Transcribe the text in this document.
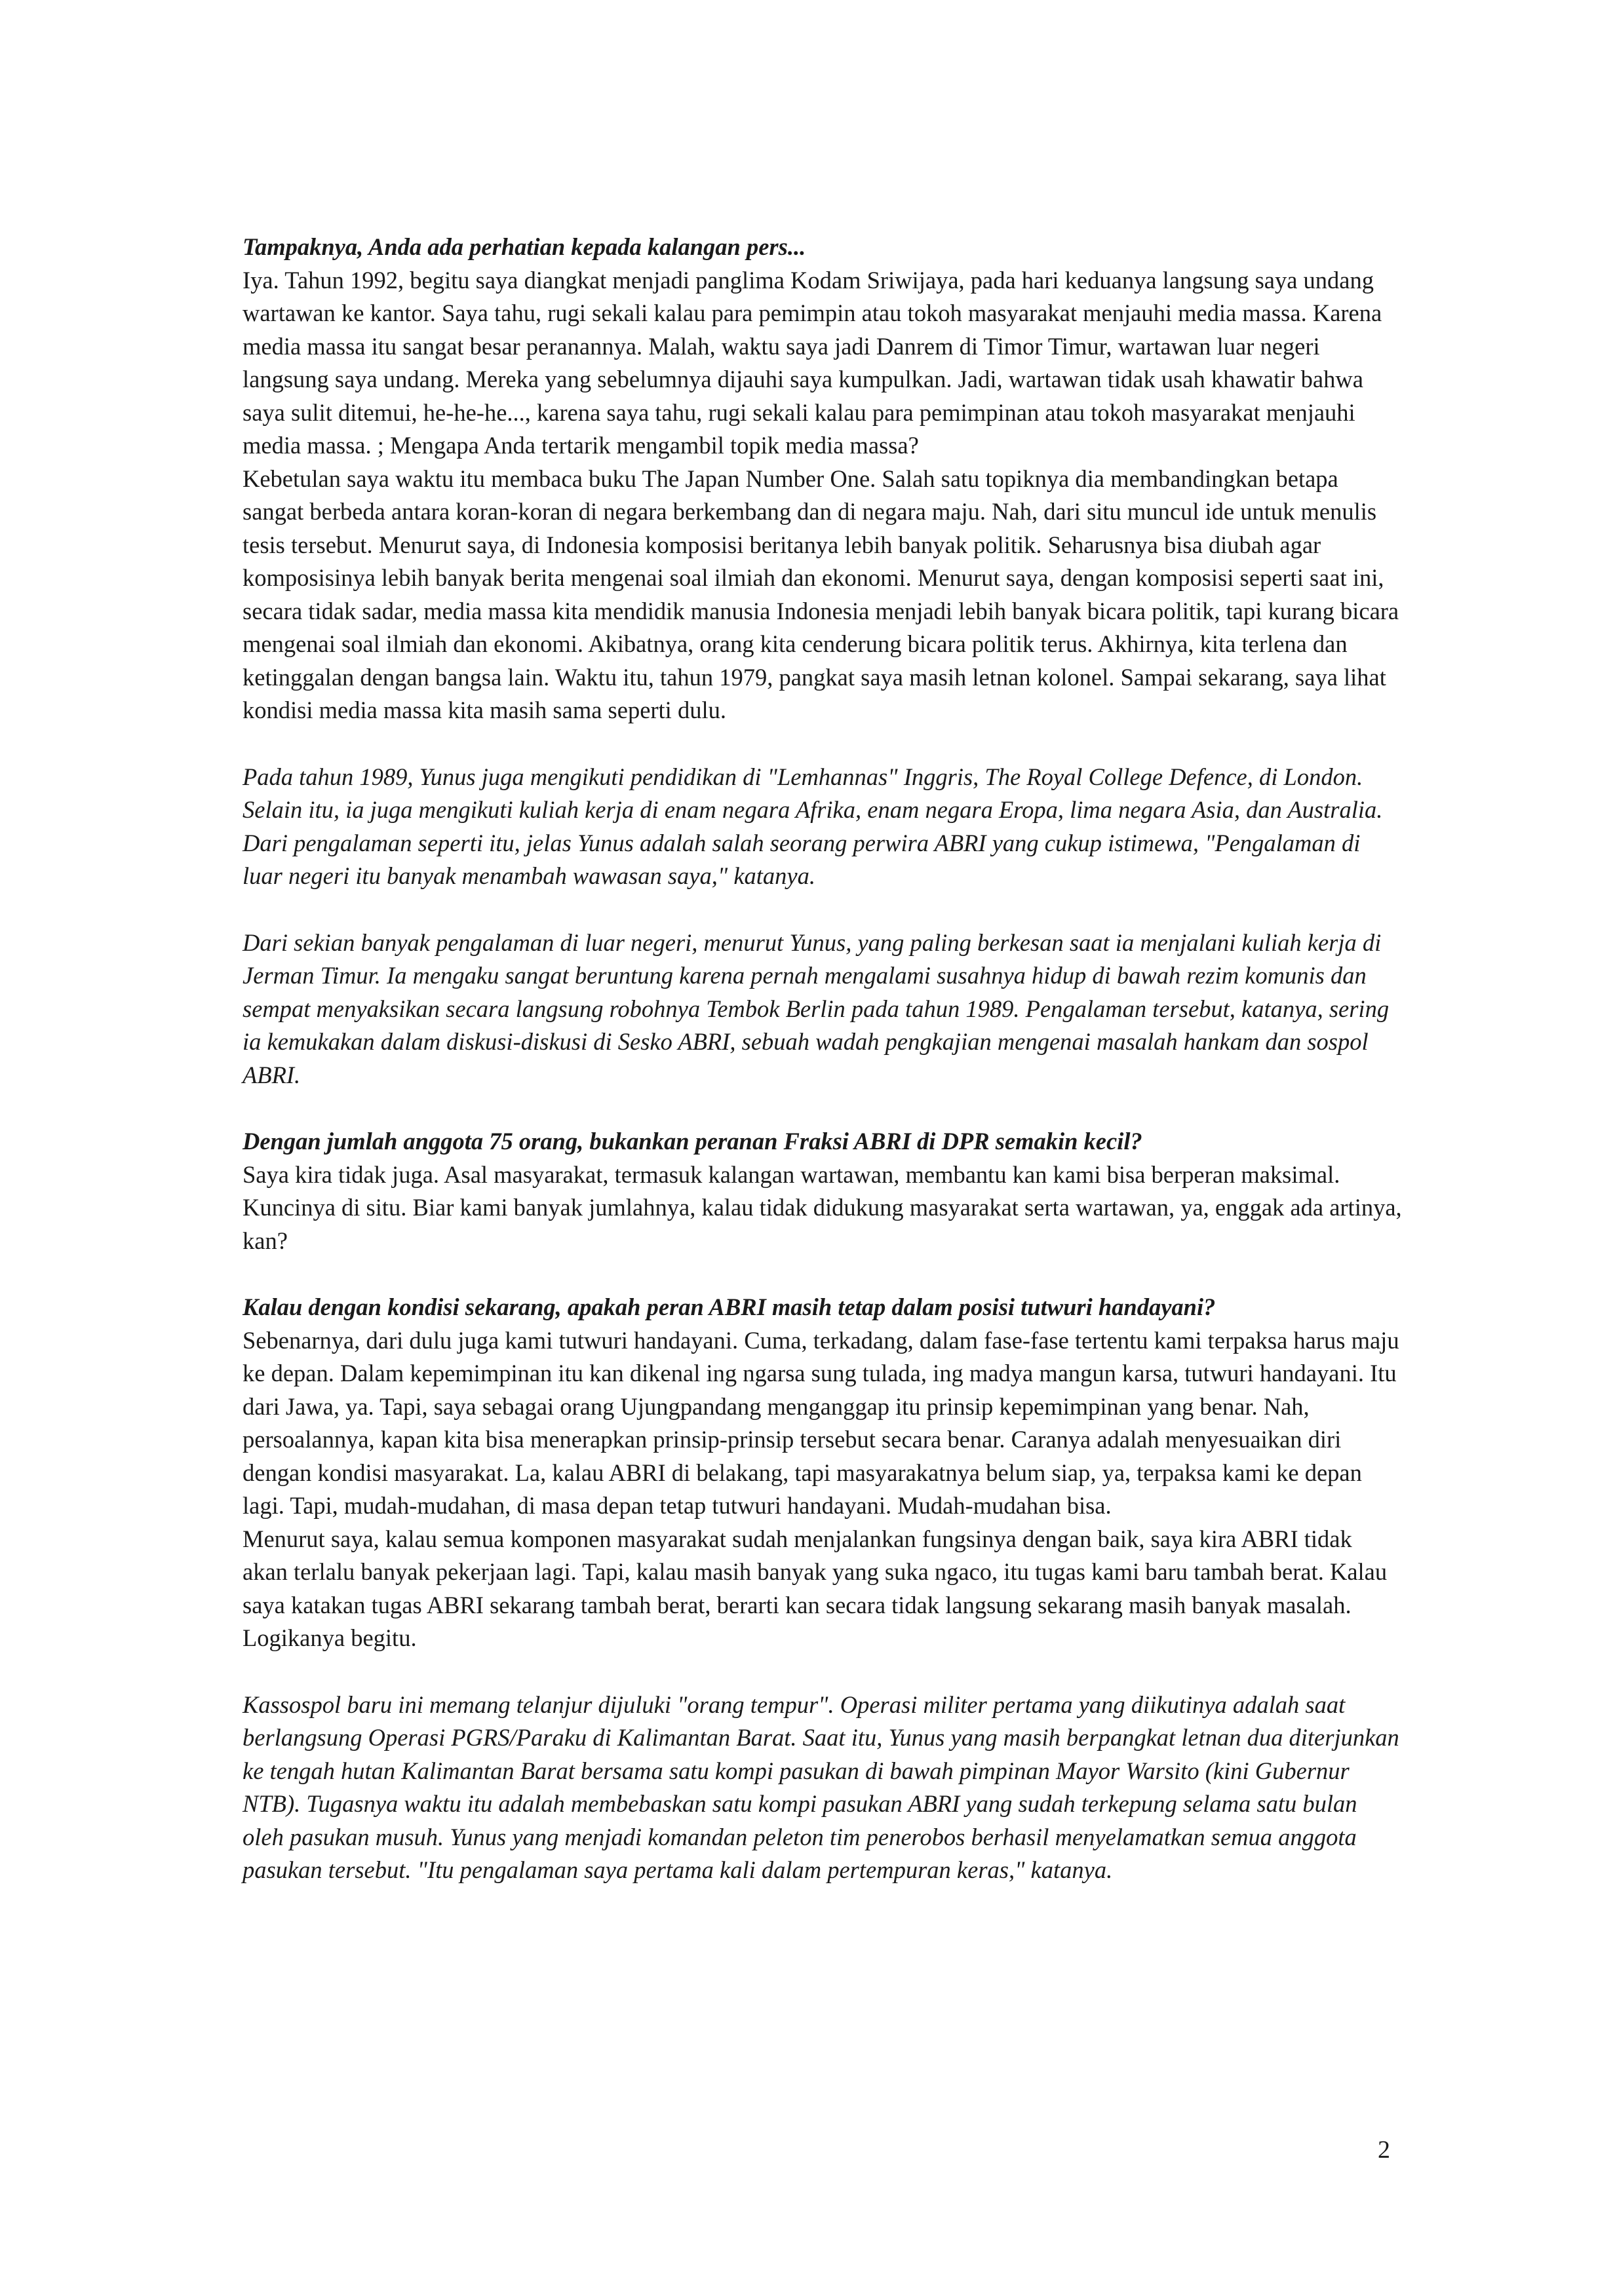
Tampaknya, Anda ada perhatian kepada kalangan pers...

Iya. Tahun 1992, begitu saya diangkat menjadi panglima Kodam Sriwijaya, pada hari keduanya langsung saya undang wartawan ke kantor. Saya tahu, rugi sekali kalau para pemimpin atau tokoh masyarakat menjauhi media massa. Karena media massa itu sangat besar peranannya. Malah, waktu saya jadi Danrem di Timor Timur, wartawan luar negeri langsung saya undang. Mereka yang sebelumnya dijauhi saya kumpulkan. Jadi, wartawan tidak usah khawatir bahwa saya sulit ditemui, he-he-he..., karena saya tahu, rugi sekali kalau para pemimpinan atau tokoh masyarakat menjauhi media massa. ; Mengapa Anda tertarik mengambil topik media massa?

Kebetulan saya waktu itu membaca buku The Japan Number One. Salah satu topiknya dia membandingkan betapa sangat berbeda antara koran-koran di negara berkembang dan di negara maju. Nah, dari situ muncul ide untuk menulis tesis tersebut. Menurut saya, di Indonesia komposisi beritanya lebih banyak politik. Seharusnya bisa diubah agar komposisinya lebih banyak berita mengenai soal ilmiah dan ekonomi. Menurut saya, dengan komposisi seperti saat ini, secara tidak sadar, media massa kita mendidik manusia Indonesia menjadi lebih banyak bicara politik, tapi kurang bicara mengenai soal ilmiah dan ekonomi. Akibatnya, orang kita cenderung bicara politik terus. Akhirnya, kita terlena dan ketinggalan dengan bangsa lain. Waktu itu, tahun 1979, pangkat saya masih letnan kolonel. Sampai sekarang, saya lihat kondisi media massa kita masih sama seperti dulu.

Pada tahun 1989, Yunus juga mengikuti pendidikan di "Lemhannas" Inggris, The Royal College Defence, di London. Selain itu, ia juga mengikuti kuliah kerja di enam negara Afrika, enam negara Eropa, lima negara Asia, dan Australia. Dari pengalaman seperti itu, jelas Yunus adalah salah seorang perwira ABRI yang cukup istimewa, "Pengalaman di luar negeri itu banyak menambah wawasan saya," katanya.
Dari sekian banyak pengalaman di luar negeri, menurut Yunus, yang paling berkesan saat ia menjalani kuliah kerja di Jerman Timur. Ia mengaku sangat beruntung karena pernah mengalami susahnya hidup di bawah rezim komunis dan sempat menyaksikan secara langsung robohnya Tembok Berlin pada tahun 1989. Pengalaman tersebut, katanya, sering ia kemukakan dalam diskusi-diskusi di Sesko ABRI, sebuah wadah pengkajian mengenai masalah hankam dan sospol ABRI.
Dengan jumlah anggota 75 orang, bukankan peranan Fraksi ABRI di DPR semakin kecil?

Saya kira tidak juga. Asal masyarakat, termasuk kalangan wartawan, membantu kan kami bisa berperan maksimal. Kuncinya di situ. Biar kami banyak jumlahnya, kalau tidak didukung masyarakat serta wartawan, ya, enggak ada artinya, kan?

Kalau dengan kondisi sekarang, apakah peran ABRI masih tetap dalam posisi tutwuri handayani?

Sebenarnya, dari dulu juga kami tutwuri handayani. Cuma, terkadang, dalam fase-fase tertentu kami terpaksa harus maju ke depan. Dalam kepemimpinan itu kan dikenal ing ngarsa sung tulada, ing madya mangun karsa, tutwuri handayani. Itu dari Jawa, ya. Tapi, saya sebagai orang Ujungpandang menganggap itu prinsip kepemimpinan yang benar. Nah, persoalannya, kapan kita bisa menerapkan prinsip-prinsip tersebut secara benar. Caranya adalah menyesuaikan diri dengan kondisi masyarakat. La, kalau ABRI di belakang, tapi masyarakatnya belum siap, ya, terpaksa kami ke depan lagi. Tapi, mudah-mudahan, di masa depan tetap tutwuri handayani. Mudah-mudahan bisa.

Menurut saya, kalau semua komponen masyarakat sudah menjalankan fungsinya dengan baik, saya kira ABRI tidak akan terlalu banyak pekerjaan lagi. Tapi, kalau masih banyak yang suka ngaco, itu tugas kami baru tambah berat. Kalau saya katakan tugas ABRI sekarang tambah berat, berarti kan secara tidak langsung sekarang masih banyak masalah. Logikanya begitu.

Kassospol baru ini memang telanjur dijuluki "orang tempur". Operasi militer pertama yang diikutinya adalah saat berlangsung Operasi PGRS/Paraku di Kalimantan Barat. Saat itu, Yunus yang masih berpangkat letnan dua diterjunkan ke tengah hutan Kalimantan Barat bersama satu kompi pasukan di bawah pimpinan Mayor Warsito (kini Gubernur NTB). Tugasnya waktu itu adalah membebaskan satu kompi pasukan ABRI yang sudah terkepung selama satu bulan oleh pasukan musuh. Yunus yang menjadi komandan peleton tim penerobos berhasil menyelamatkan semua anggota pasukan tersebut. "Itu pengalaman saya pertama kali dalam pertempuran keras," katanya.
2
